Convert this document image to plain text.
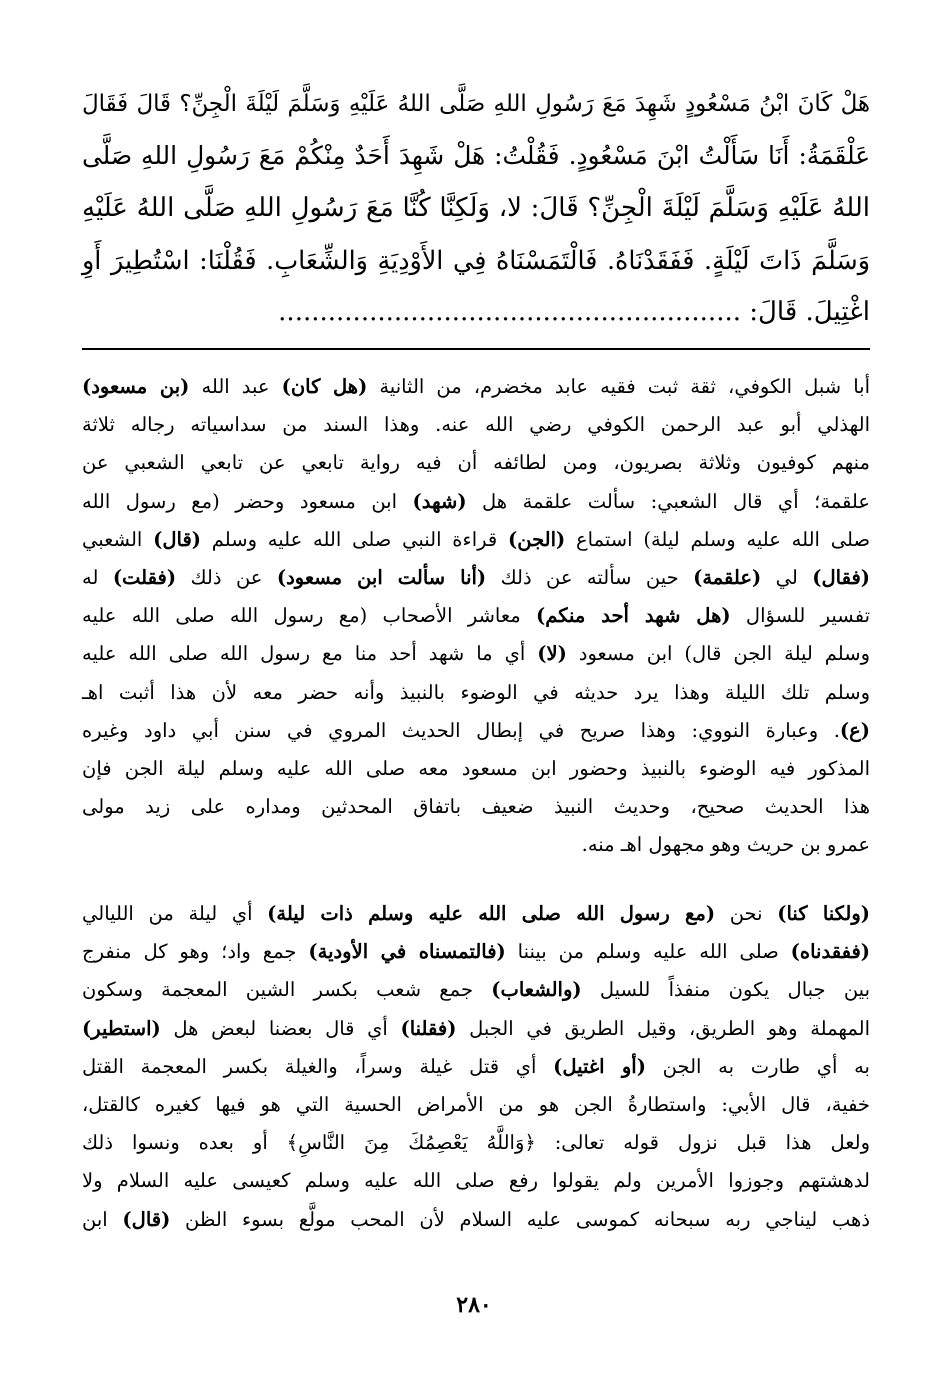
هَلْ كَانَ ابْنُ مَسْعُودٍ شَهِدَ مَعَ رَسُولِ اللهِ صَلَّى اللهُ عَلَيْهِ وَسَلَّمَ لَيْلَةَ الْجِنِّ؟ قَالَ فَقَالَ
عَلْقَمَةُ: أَنَا سَأَلْتُ ابْنَ مَسْعُودٍ. فَقُلْتُ: هَلْ شَهِدَ أَحَدٌ مِنْكُمْ مَعَ رَسُولِ اللهِ صَلَّى
اللهُ عَلَيْهِ وَسَلَّمَ لَيْلَةَ الْجِنِّ؟ قَالَ: لا، وَلَكِنَّا كُنَّا مَعَ رَسُولِ اللهِ صَلَّى اللهُ عَلَيْهِ
وَسَلَّمَ ذَاتَ لَيْلَةٍ. فَفَقَدْنَاهُ. فَالْتَمَسْنَاهُ فِي الأَوْدِيَةِ وَالشِّعَابِ. فَقُلْنَا: اسْتُطِيرَ أَوِ
اغْتِيلَ. قَالَ: ........................................................
أبا شبل الكوفي، ثقة ثبت فقيه عابد مخضرم، من الثانية (هل كان) عبد الله (بن مسعود)
الهذلي أبو عبد الرحمن الكوفي رضي الله عنه. وهذا السند من سداسياته رجاله ثلاثة
منهم كوفيون وثلاثة بصريون، ومن لطائفه أن فيه رواية تابعي عن تابعي الشعبي عن
علقمة؛ أي قال الشعبي: سألت علقمة هل (شهد) ابن مسعود وحضر (مع رسول الله
صلى الله عليه وسلم ليلة) استماع (الجن) قراءة النبي صلى الله عليه وسلم (قال) الشعبي
(فقال) لي (علقمة) حين سألته عن ذلك (أنا سألت ابن مسعود) عن ذلك (فقلت) له
تفسير للسؤال (هل شهد أحد منكم) معاشر الأصحاب (مع رسول الله صلى الله عليه
وسلم ليلة الجن قال) ابن مسعود (لا) أي ما شهد أحد منا مع رسول الله صلى الله عليه
وسلم تلك الليلة وهذا يرد حديثه في الوضوء بالنبيذ وأنه حضر معه لأن هذا أثبت اهـ
(ع). وعبارة النووي: وهذا صريح في إبطال الحديث المروي في سنن أبي داود وغيره
المذكور فيه الوضوء بالنبيذ وحضور ابن مسعود معه صلى الله عليه وسلم ليلة الجن فإن
هذا الحديث صحيح، وحديث النبيذ ضعيف باتفاق المحدثين ومداره على زيد مولى
عمرو بن حريث وهو مجهول اهـ منه.
(ولكنا كنا) نحن (مع رسول الله صلى الله عليه وسلم ذات ليلة) أي ليلة من الليالي
(ففقدناه) صلى الله عليه وسلم من بيننا (فالتمسناه في الأودية) جمع واد؛ وهو كل منفرج
بين جبال يكون منفذاً للسيل (والشعاب) جمع شعب بكسر الشين المعجمة وسكون
المهملة وهو الطريق، وقيل الطريق في الجبل (فقلنا) أي قال بعضنا لبعض هل (استطير)
به أي طارت به الجن (أو اغتيل) أي قتل غيلة وسراً، والغيلة بكسر المعجمة القتل
خفية، قال الأبي: واستطارةُ الجن هو من الأمراض الحسية التي هو فيها كغيره كالقتل،
ولعل هذا قبل نزول قوله تعالى: ﴿وَاللَّهُ يَعْصِمُكَ مِنَ النَّاسِ﴾ أو بعده ونسوا ذلك
لدهشتهم وجوزوا الأمرين ولم يقولوا رفع صلى الله عليه وسلم كعيسى عليه السلام ولا
ذهب ليناجي ربه سبحانه كموسى عليه السلام لأن المحب مولَّع بسوء الظن (قال) ابن
٢٨٠
